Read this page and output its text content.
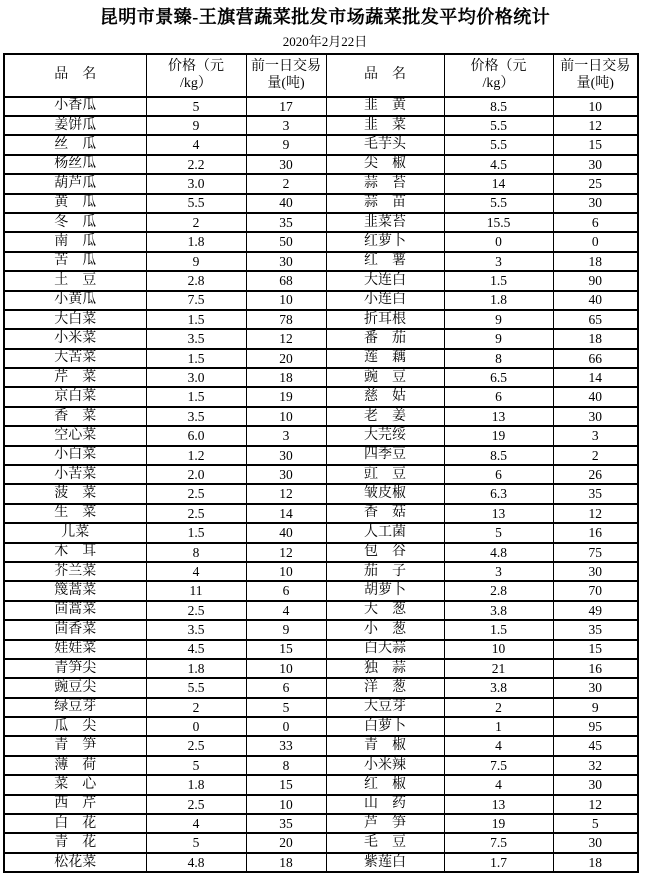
昆明市景臻-王旗营蔬菜批发市场蔬菜批发平均价格统计
2020年2月22日
品　名	价格（元
/kg）	前一日交易
量(吨)	品　名	价格（元
/kg）	前一日交易
量(吨)

小香瓜	5	17	韭　黄	8.5	10
姜饼瓜	9	3	韭　菜	5.5	12
丝　瓜	4	9	毛芋头	5.5	15
杨丝瓜	2.2	30	尖　椒	4.5	30
葫芦瓜	3.0	2	蒜　苔	14	25
黄　瓜	5.5	40	蒜　苗	5.5	30
冬　瓜	2	35	韭菜苔	15.5	6
南　瓜	1.8	50	红萝卜	0	0
苦　瓜	9	30	红　薯	3	18
土　豆	2.8	68	大连白	1.5	90
小黄瓜	7.5	10	小连白	1.8	40
大白菜	1.5	78	折耳根	9	65
小米菜	3.5	12	番　茄	9	18
大苦菜	1.5	20	莲　藕	8	66
芹　菜	3.0	18	豌　豆	6.5	14
京白菜	1.5	19	慈　姑	6	40
香　菜	3.5	10	老　姜	13	30
空心菜	6.0	3	大芫绥	19	3
小白菜	1.2	30	四季豆	8.5	2
小苦菜	2.0	30	豇　豆	6	26
菠　菜	2.5	12	皱皮椒	6.3	35
生　菜	2.5	14	香　菇	13	12
儿菜	1.5	40	人工菌	5	16
木　耳	8	12	包　谷	4.8	75
芥兰菜	4	10	茄　子	3	30
篾蒿菜	11	6	胡萝卜	2.8	70
茴蒿菜	2.5	4	大　葱	3.8	49
茴香菜	3.5	9	小　葱	1.5	35
娃娃菜	4.5	15	白大蒜	10	15
青笋尖	1.8	10	独　蒜	21	16
豌豆尖	5.5	6	洋　葱	3.8	30
绿豆芽	2	5	大豆芽	2	9
瓜　尖	0	0	白萝卜	1	95
青　笋	2.5	33	青　椒	4	45
薄　荷	5	8	小米辣	7.5	32
菜　心	1.8	15	红　椒	4	30
西　芹	2.5	10	山　药	13	12
白　花	4	35	芦　笋	19	5
青　花	5	20	毛　豆	7.5	30
松花菜	4.8	18	紫莲白	1.7	18
